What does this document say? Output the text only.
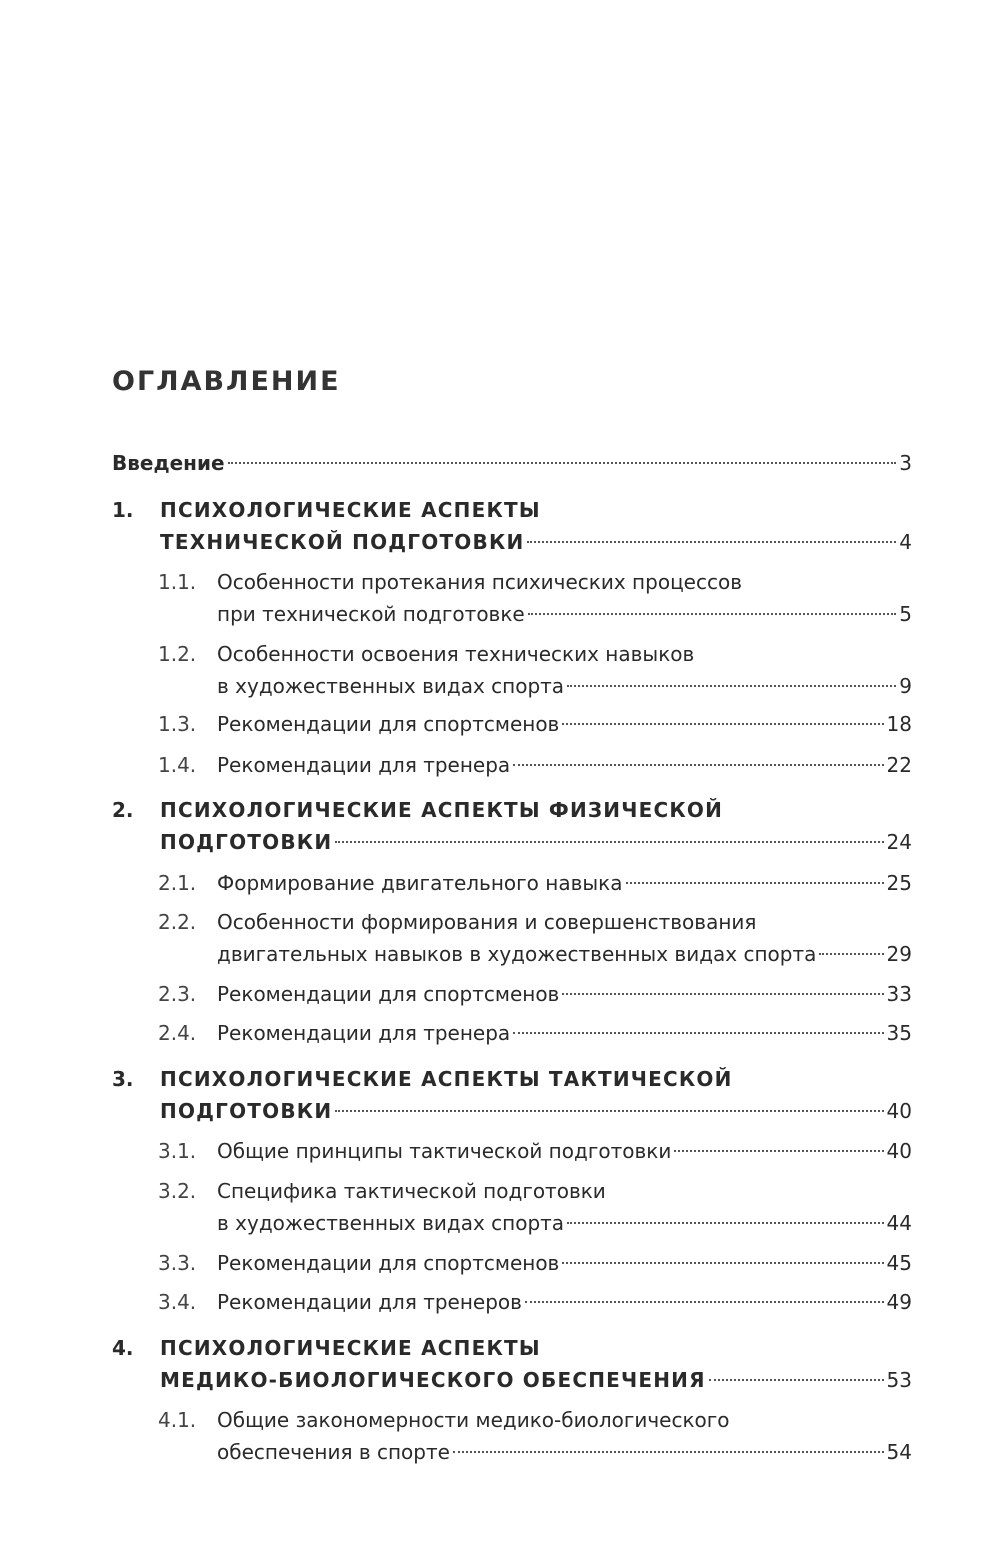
ОГЛАВЛЕНИЕ
Введение	3
1. ПСИХОЛОГИЧЕСКИЕ АСПЕКТЫ
ТЕХНИЧЕСКОЙ ПОДГОТОВКИ	4
1.1. Особенности протекания психических процессов
при технической подготовке	5
1.2. Особенности освоения технических навыков
в художественных видах спорта	9
1.3. Рекомендации для спортсменов	18
1.4. Рекомендации для тренера	22
2. ПСИХОЛОГИЧЕСКИЕ АСПЕКТЫ ФИЗИЧЕСКОЙ
ПОДГОТОВКИ	24
2.1. Формирование двигательного навыка	25
2.2. Особенности формирования и совершенствования
двигательных навыков в художественных видах спорта	29
2.3. Рекомендации для спортсменов	33
2.4. Рекомендации для тренера	35
3. ПСИХОЛОГИЧЕСКИЕ АСПЕКТЫ ТАКТИЧЕСКОЙ
ПОДГОТОВКИ	40
3.1. Общие принципы тактической подготовки	40
3.2. Специфика тактической подготовки
в художественных видах спорта	44
3.3. Рекомендации для спортсменов	45
3.4. Рекомендации для тренеров	49
4. ПСИХОЛОГИЧЕСКИЕ АСПЕКТЫ
МЕДИКО-БИОЛОГИЧЕСКОГО ОБЕСПЕЧЕНИЯ	53
4.1. Общие закономерности медико-биологического
обеспечения в спорте	54
